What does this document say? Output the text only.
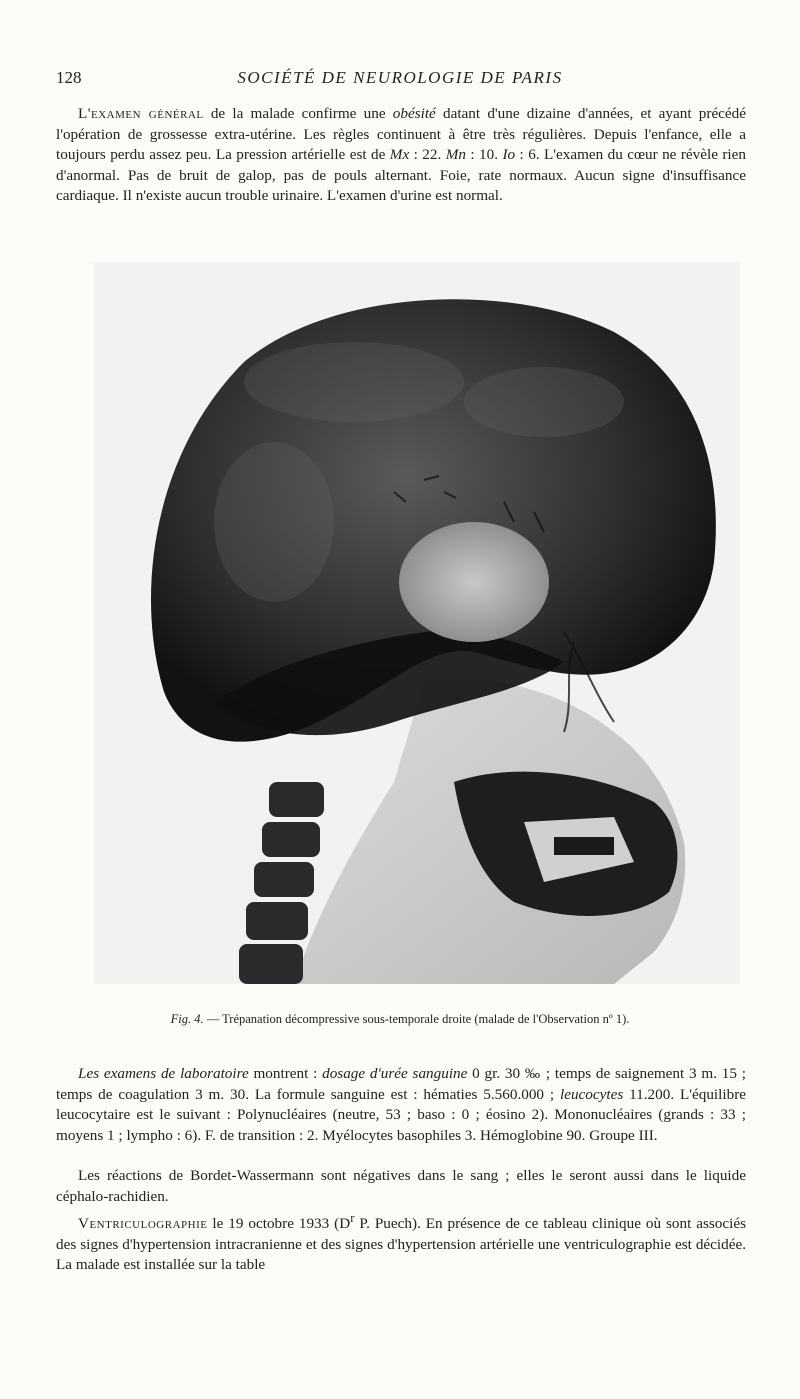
128	SOCIÉTÉ DE NEUROLOGIE DE PARIS

L'examen général de la malade confirme une obésité datant d'une dizaine d'années, et ayant précédé l'opération de grossesse extra-utérine. Les règles continuent à être très régulières. Depuis l'enfance, elle a toujours perdu assez peu. La pression artérielle est de Mx : 22. Mn : 10. Io : 6. L'examen du cœur ne révèle rien d'anormal. Pas de bruit de galop, pas de pouls alternant. Foie, rate normaux. Aucun signe d'insuffisance cardiaque. Il n'existe aucun trouble urinaire. L'examen d'urine est normal.

Fig. 4. — Trépanation décompressive sous-temporale droite (malade de l'Observation nº 1).

Les examens de laboratoire montrent : dosage d'urée sanguine 0 gr. 30 ‰ ; temps de saignement 3 m. 15 ; temps de coagulation 3 m. 30. La formule sanguine est : hématies 5.560.000 ; leucocytes 11.200. L'équilibre leucocytaire est le suivant : Polynucléaires (neutre, 53 ; baso : 0 ; éosino 2). Mononucléaires (grands : 33 ; moyens 1 ; lympho : 6). F. de transition : 2. Myélocytes basophiles 3. Hémoglobine 90. Groupe III.

Les réactions de Bordet-Wassermann sont négatives dans le sang ; elles le seront aussi dans le liquide céphalo-rachidien.

Ventriculographie le 19 octobre 1933 ($D^r$ P. Puech). En présence de ce tableau clinique où sont associés des signes d'hypertension intracranienne et des signes d'hypertension artérielle une ventriculographie est décidée. La malade est installée sur la table
